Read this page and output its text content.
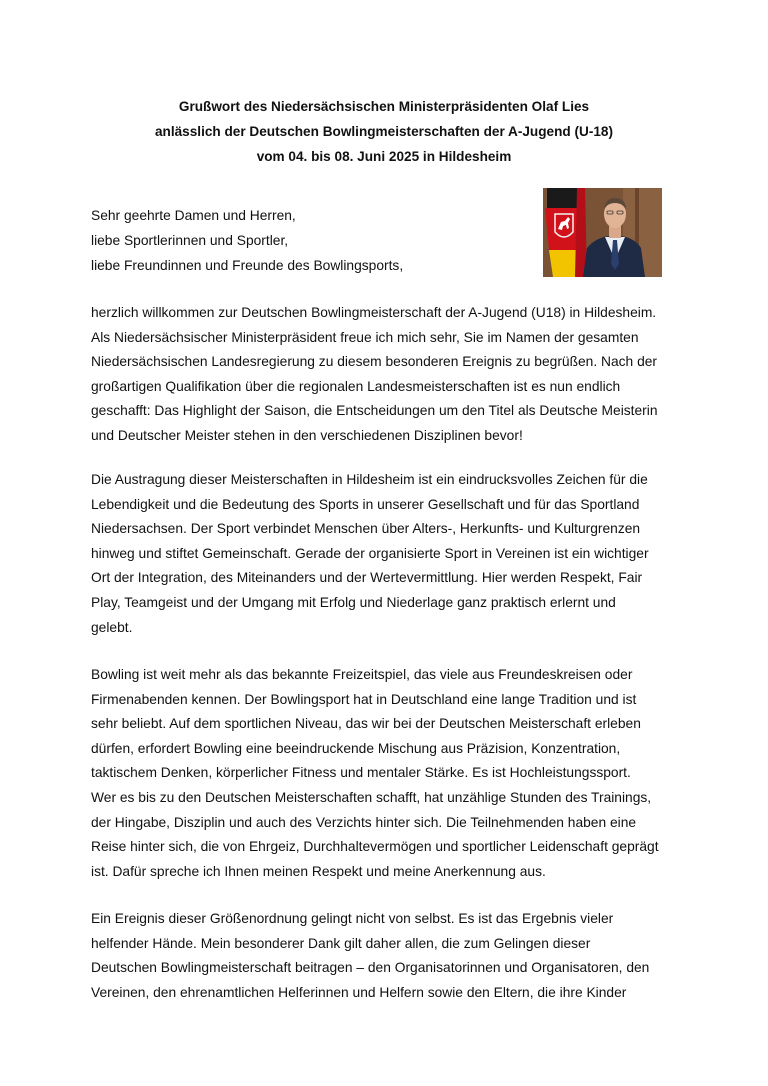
Grußwort des Niedersächsischen Ministerpräsidenten Olaf Lies
anlässlich der Deutschen Bowlingmeisterschaften der A-Jugend (U-18)
vom 04. bis 08. Juni 2025 in Hildesheim
Sehr geehrte Damen und Herren,
liebe Sportlerinnen und Sportler,
liebe Freundinnen und Freunde des Bowlingsports,
herzlich willkommen zur Deutschen Bowlingmeisterschaft der A-Jugend (U18) in Hildesheim.
Als Niedersächsischer Ministerpräsident freue ich mich sehr, Sie im Namen der gesamten
Niedersächsischen Landesregierung zu diesem besonderen Ereignis zu begrüßen. Nach der
großartigen Qualifikation über die regionalen Landesmeisterschaften ist es nun endlich
geschafft: Das Highlight der Saison, die Entscheidungen um den Titel als Deutsche Meisterin
und Deutscher Meister stehen in den verschiedenen Disziplinen bevor!
Die Austragung dieser Meisterschaften in Hildesheim ist ein eindrucksvolles Zeichen für die
Lebendigkeit und die Bedeutung des Sports in unserer Gesellschaft und für das Sportland
Niedersachsen. Der Sport verbindet Menschen über Alters-, Herkunfts- und Kulturgrenzen
hinweg und stiftet Gemeinschaft. Gerade der organisierte Sport in Vereinen ist ein wichtiger
Ort der Integration, des Miteinanders und der Wertevermittlung. Hier werden Respekt, Fair
Play, Teamgeist und der Umgang mit Erfolg und Niederlage ganz praktisch erlernt und
gelebt.
Bowling ist weit mehr als das bekannte Freizeitspiel, das viele aus Freundeskreisen oder
Firmenabenden kennen. Der Bowlingsport hat in Deutschland eine lange Tradition und ist
sehr beliebt. Auf dem sportlichen Niveau, das wir bei der Deutschen Meisterschaft erleben
dürfen, erfordert Bowling eine beeindruckende Mischung aus Präzision, Konzentration,
taktischem Denken, körperlicher Fitness und mentaler Stärke. Es ist Hochleistungssport.
Wer es bis zu den Deutschen Meisterschaften schafft, hat unzählige Stunden des Trainings,
der Hingabe, Disziplin und auch des Verzichts hinter sich. Die Teilnehmenden haben eine
Reise hinter sich, die von Ehrgeiz, Durchhaltevermögen und sportlicher Leidenschaft geprägt
ist. Dafür spreche ich Ihnen meinen Respekt und meine Anerkennung aus.
Ein Ereignis dieser Größenordnung gelingt nicht von selbst. Es ist das Ergebnis vieler
helfender Hände. Mein besonderer Dank gilt daher allen, die zum Gelingen dieser
Deutschen Bowlingmeisterschaft beitragen – den Organisatorinnen und Organisatoren, den
Vereinen, den ehrenamtlichen Helferinnen und Helfern sowie den Eltern, die ihre Kinder
